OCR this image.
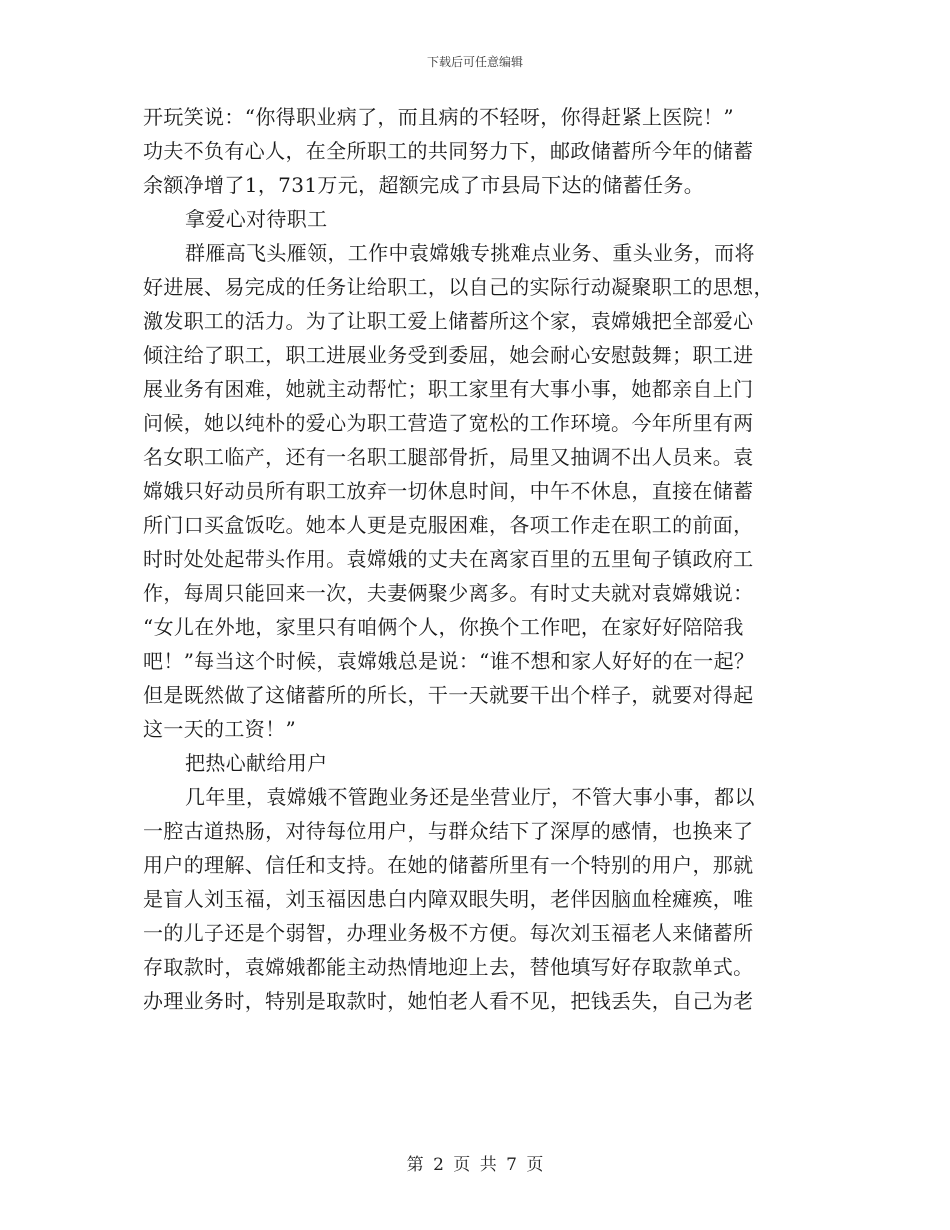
下载后可任意编辑
开玩笑说：“你得职业病了，而且病的不轻呀，你得赶紧上医院！”
功夫不负有心人，在全所职工的共同努力下，邮政储蓄所今年的储蓄
余额净增了1，731万元，超额完成了市县局下达的储蓄任务。
拿爱心对待职工
群雁高飞头雁领，工作中袁嫦娥专挑难点业务、重头业务，而将
好进展、易完成的任务让给职工，以自己的实际行动凝聚职工的思想，
激发职工的活力。为了让职工爱上储蓄所这个家，袁嫦娥把全部爱心
倾注给了职工，职工进展业务受到委屈，她会耐心安慰鼓舞；职工进
展业务有困难，她就主动帮忙；职工家里有大事小事，她都亲自上门
问候，她以纯朴的爱心为职工营造了宽松的工作环境。今年所里有两
名女职工临产，还有一名职工腿部骨折，局里又抽调不出人员来。袁
嫦娥只好动员所有职工放弃一切休息时间，中午不休息，直接在储蓄
所门口买盒饭吃。她本人更是克服困难，各项工作走在职工的前面，
时时处处起带头作用。袁嫦娥的丈夫在离家百里的五里甸子镇政府工
作，每周只能回来一次，夫妻俩聚少离多。有时丈夫就对袁嫦娥说：
“女儿在外地，家里只有咱俩个人，你换个工作吧，在家好好陪陪我
吧！”每当这个时候，袁嫦娥总是说：“谁不想和家人好好的在一起？
但是既然做了这储蓄所的所长，干一天就要干出个样子，就要对得起
这一天的工资！”
把热心献给用户
几年里，袁嫦娥不管跑业务还是坐营业厅，不管大事小事，都以
一腔古道热肠，对待每位用户，与群众结下了深厚的感情，也换来了
用户的理解、信任和支持。在她的储蓄所里有一个特别的用户，那就
是盲人刘玉福，刘玉福因患白内障双眼失明，老伴因脑血栓瘫痪，唯
一的儿子还是个弱智，办理业务极不方便。每次刘玉福老人来储蓄所
存取款时，袁嫦娥都能主动热情地迎上去，替他填写好存取款单式。
办理业务时，特别是取款时，她怕老人看不见，把钱丢失，自己为老
第 2 页 共 7 页
